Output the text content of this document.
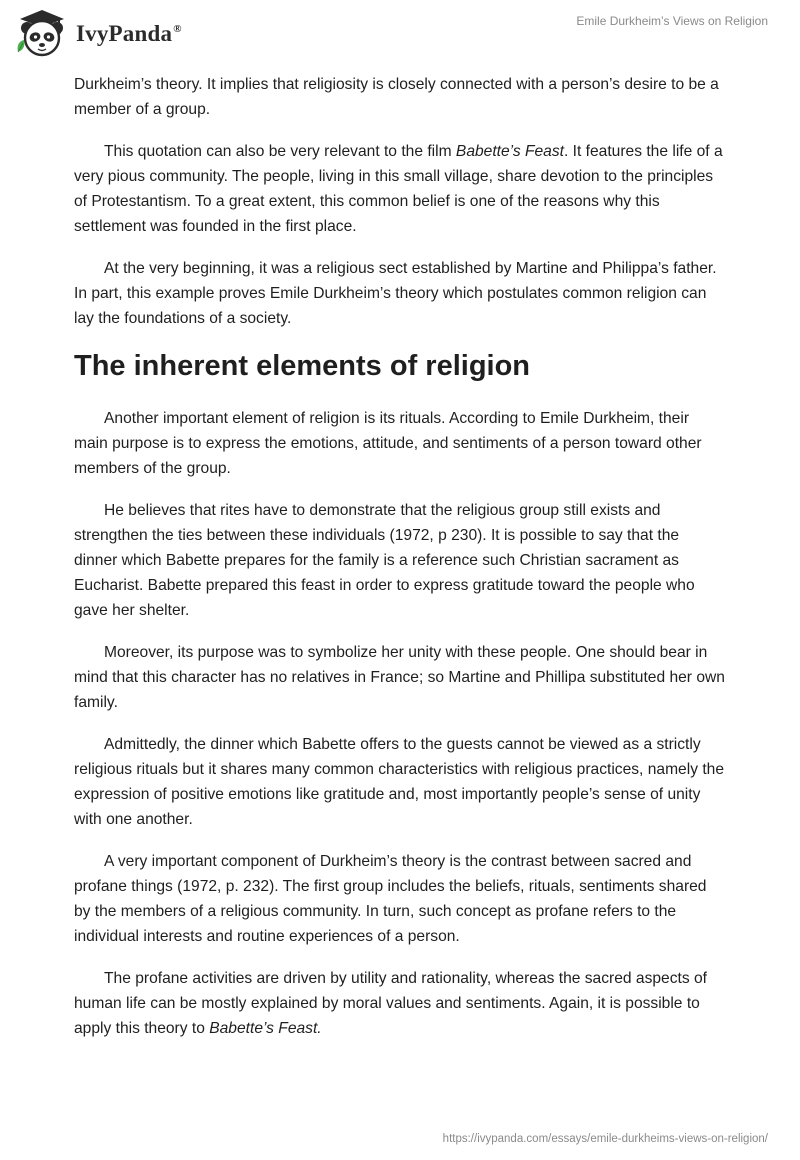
IvyPanda®
Emile Durkheim’s Views on Religion

Durkheim’s theory. It implies that religiosity is closely connected with a person’s desire to be a member of a group.

This quotation can also be very relevant to the film Babette’s Feast. It features the life of a very pious community. The people, living in this small village, share devotion to the principles of Protestantism. To a great extent, this common belief is one of the reasons why this settlement was founded in the first place.

At the very beginning, it was a religious sect established by Martine and Philippa’s father. In part, this example proves Emile Durkheim’s theory which postulates common religion can lay the foundations of a society.

The inherent elements of religion

Another important element of religion is its rituals. According to Emile Durkheim, their main purpose is to express the emotions, attitude, and sentiments of a person toward other members of the group.

He believes that rites have to demonstrate that the religious group still exists and strengthen the ties between these individuals (1972, p 230). It is possible to say that the dinner which Babette prepares for the family is a reference such Christian sacrament as Eucharist. Babette prepared this feast in order to express gratitude toward the people who gave her shelter.

Moreover, its purpose was to symbolize her unity with these people. One should bear in mind that this character has no relatives in France; so Martine and Phillipa substituted her own family.

Admittedly, the dinner which Babette offers to the guests cannot be viewed as a strictly religious rituals but it shares many common characteristics with religious practices, namely the expression of positive emotions like gratitude and, most importantly people’s sense of unity with one another.

A very important component of Durkheim’s theory is the contrast between sacred and profane things (1972, p. 232). The first group includes the beliefs, rituals, sentiments shared by the members of a religious community. In turn, such concept as profane refers to the individual interests and routine experiences of a person.

The profane activities are driven by utility and rationality, whereas the sacred aspects of human life can be mostly explained by moral values and sentiments. Again, it is possible to apply this theory to Babette’s Feast.

https://ivypanda.com/essays/emile-durkheims-views-on-religion/
